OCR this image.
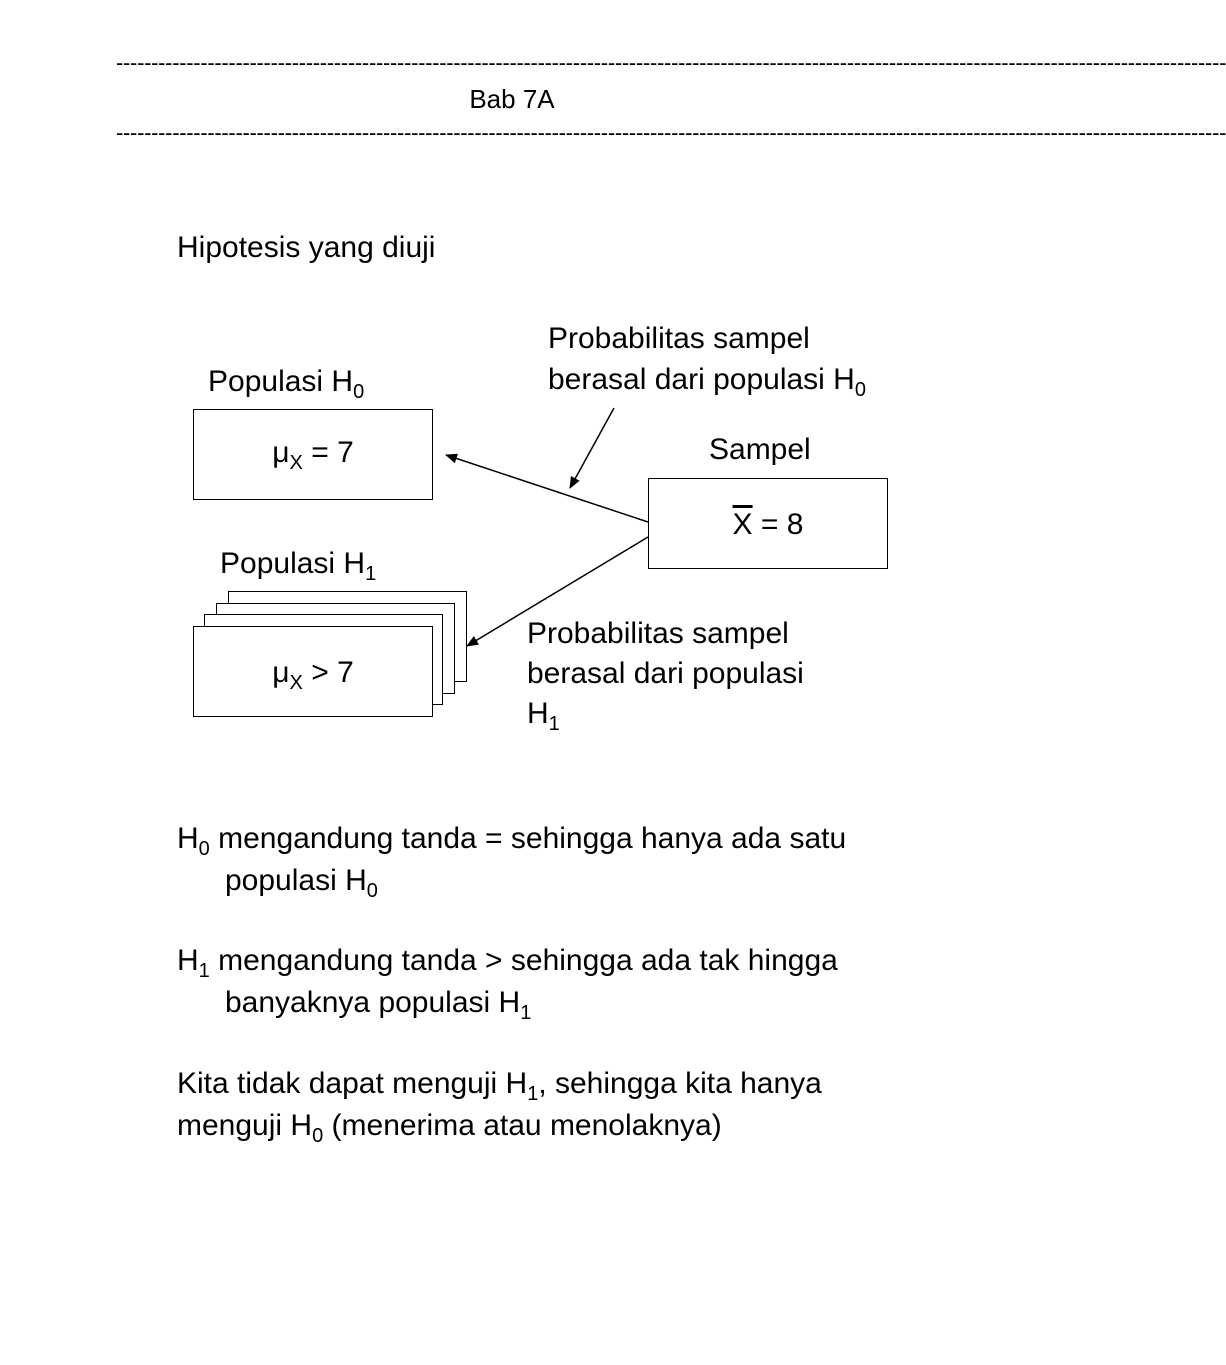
--------------------------------------------------------------------------------------------------------------------------------------------------------------
Bab 7A
--------------------------------------------------------------------------------------------------------------------------------------------------------------
Hipotesis yang diuji
Populasi $H_0$
$\mu_X = 7$
Populasi $H_1$
$\mu_X > 7$
Sampel
$\overline{X} = 8$
Probabilitas sampel
berasal dari populasi $H_0$
Probabilitas sampel
berasal dari populasi
$H_1$
$H_0$ mengandung tanda = sehingga hanya ada satu
populasi $H_0$
$H_1$ mengandung tanda > sehingga ada tak hingga
banyaknya populasi $H_1$
Kita tidak dapat menguji $H_1$, sehingga kita hanya
menguji $H_0$ (menerima atau menolaknya)
